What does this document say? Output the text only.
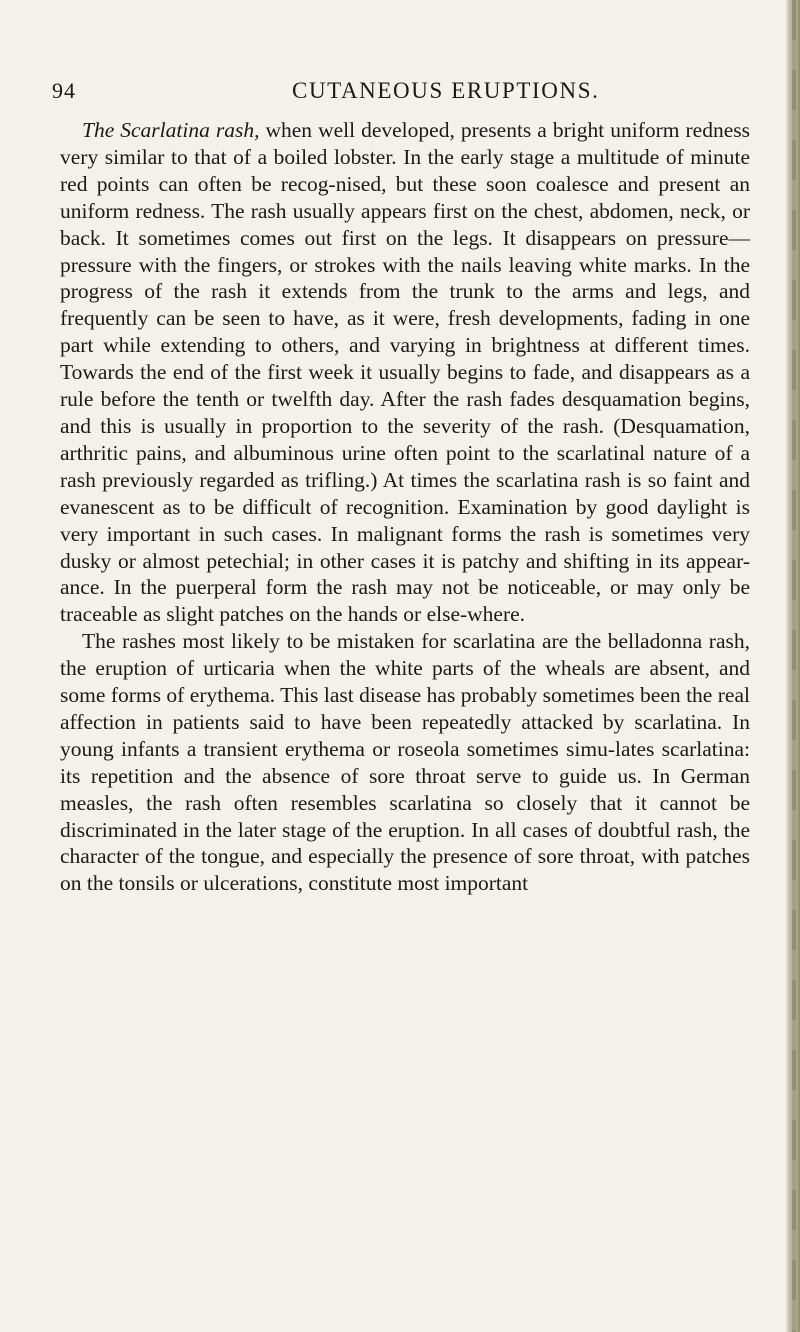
94	CUTANEOUS ERUPTIONS.

The Scarlatina rash, when well developed, presents a bright uniform redness very similar to that of a boiled lobster. In the early stage a multitude of minute red points can often be recog-nised, but these soon coalesce and present an uniform redness. The rash usually appears first on the chest, abdomen, neck, or back. It sometimes comes out first on the legs. It disappears on pressure—pressure with the fingers, or strokes with the nails leaving white marks. In the progress of the rash it extends from the trunk to the arms and legs, and frequently can be seen to have, as it were, fresh developments, fading in one part while extending to others, and varying in brightness at different times. Towards the end of the first week it usually begins to fade, and disappears as a rule before the tenth or twelfth day. After the rash fades desquamation begins, and this is usually in proportion to the severity of the rash. (Desquamation, arthritic pains, and albuminous urine often point to the scarlatinal nature of a rash previously regarded as trifling.) At times the scarlatina rash is so faint and evanescent as to be difficult of recognition. Examination by good daylight is very important in such cases. In malignant forms the rash is sometimes very dusky or almost petechial; in other cases it is patchy and shifting in its appear-ance. In the puerperal form the rash may not be noticeable, or may only be traceable as slight patches on the hands or else-where.

The rashes most likely to be mistaken for scarlatina are the belladonna rash, the eruption of urticaria when the white parts of the wheals are absent, and some forms of erythema. This last disease has probably sometimes been the real affection in patients said to have been repeatedly attacked by scarlatina. In young infants a transient erythema or roseola sometimes simu-lates scarlatina: its repetition and the absence of sore throat serve to guide us. In German measles, the rash often resembles scarlatina so closely that it cannot be discriminated in the later stage of the eruption. In all cases of doubtful rash, the character of the tongue, and especially the presence of sore throat, with patches on the tonsils or ulcerations, constitute most important
